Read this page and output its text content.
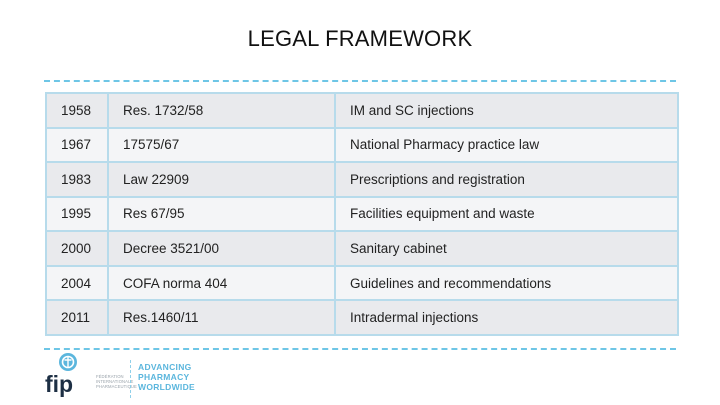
LEGAL FRAMEWORK
1958	Res. 1732/58	IM and SC injections
1967	17575/67	National Pharmacy practice law
1983	Law 22909	Prescriptions and registration
1995	Res 67/95	Facilities equipment and waste
2000	Decree 3521/00	Sanitary cabinet
2004	COFA norma 404	Guidelines and recommendations
2011	Res.1460/11	Intradermal injections
fip	FÉDÉRATION INTERNATIONALE PHARMACEUTIQUE
ADVANCING
PHARMACY
WORLDWIDE
